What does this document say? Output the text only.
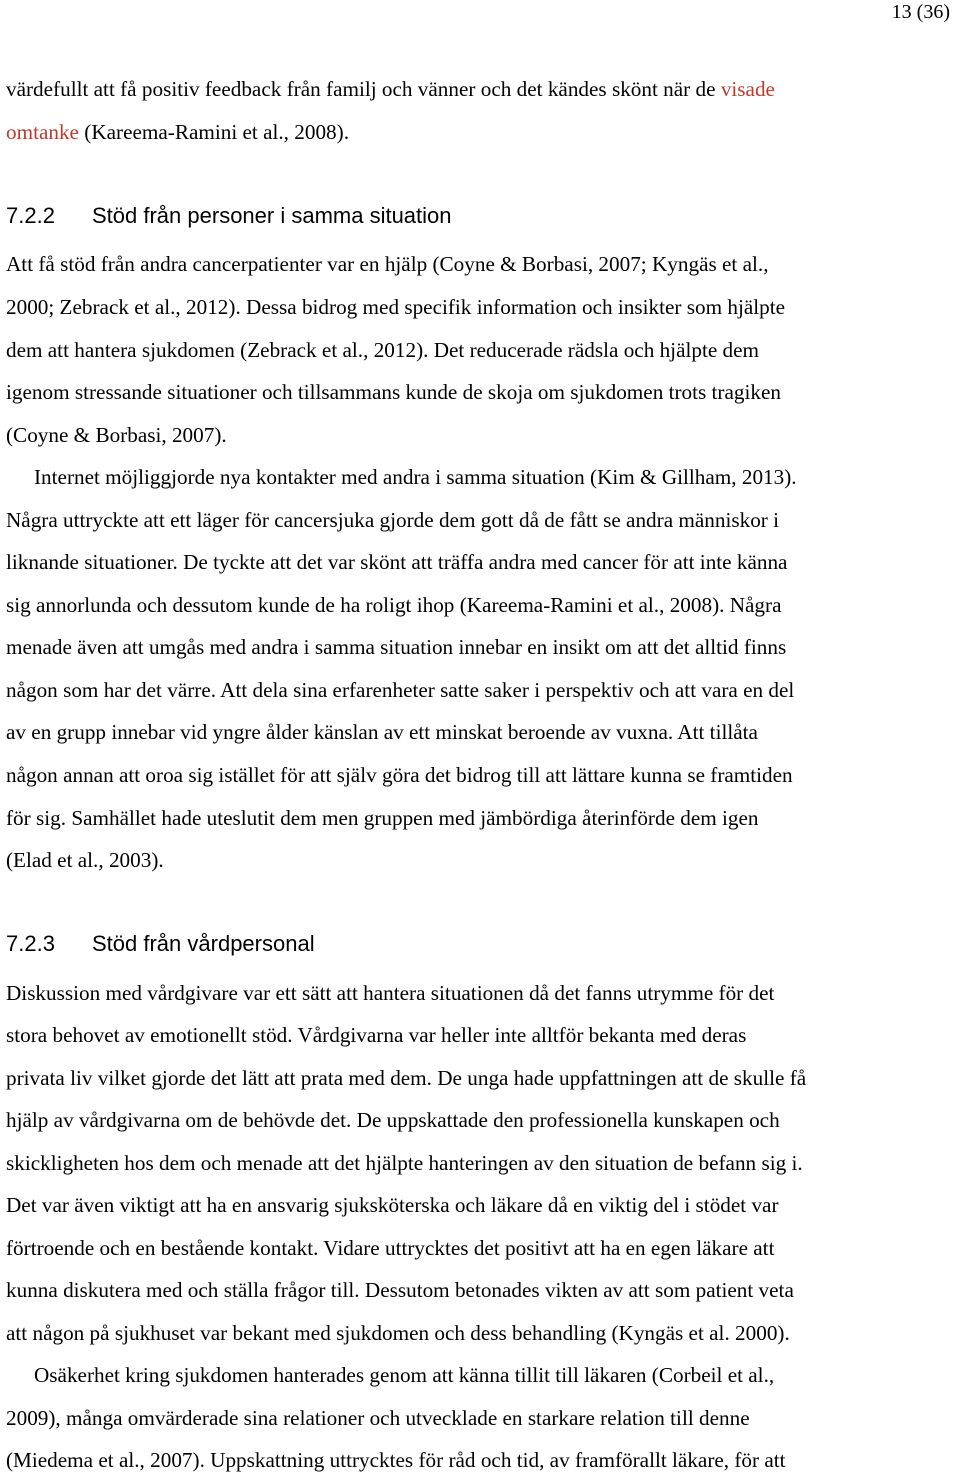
13 (36)
värdefullt att få positiv feedback från familj och vänner och det kändes skönt när de visade
omtanke (Kareema-Ramini et al., 2008).
7.2.2 Stöd från personer i samma situation
Att få stöd från andra cancerpatienter var en hjälp (Coyne & Borbasi, 2007; Kyngäs et al.,
2000; Zebrack et al., 2012). Dessa bidrog med specifik information och insikter som hjälpte
dem att hantera sjukdomen (Zebrack et al., 2012). Det reducerade rädsla och hjälpte dem
igenom stressande situationer och tillsammans kunde de skoja om sjukdomen trots tragiken
(Coyne & Borbasi, 2007).
Internet möjliggjorde nya kontakter med andra i samma situation (Kim & Gillham, 2013).
Några uttryckte att ett läger för cancersjuka gjorde dem gott då de fått se andra människor i
liknande situationer. De tyckte att det var skönt att träffa andra med cancer för att inte känna
sig annorlunda och dessutom kunde de ha roligt ihop (Kareema-Ramini et al., 2008). Några
menade även att umgås med andra i samma situation innebar en insikt om att det alltid finns
någon som har det värre. Att dela sina erfarenheter satte saker i perspektiv och att vara en del
av en grupp innebar vid yngre ålder känslan av ett minskat beroende av vuxna. Att tillåta
någon annan att oroa sig istället för att själv göra det bidrog till att lättare kunna se framtiden
för sig. Samhället hade uteslutit dem men gruppen med jämbördiga återinförde dem igen
(Elad et al., 2003).
7.2.3 Stöd från vårdpersonal
Diskussion med vårdgivare var ett sätt att hantera situationen då det fanns utrymme för det
stora behovet av emotionellt stöd. Vårdgivarna var heller inte alltför bekanta med deras
privata liv vilket gjorde det lätt att prata med dem. De unga hade uppfattningen att de skulle få
hjälp av vårdgivarna om de behövde det. De uppskattade den professionella kunskapen och
skickligheten hos dem och menade att det hjälpte hanteringen av den situation de befann sig i.
Det var även viktigt att ha en ansvarig sjuksköterska och läkare då en viktig del i stödet var
förtroende och en bestående kontakt. Vidare uttrycktes det positivt att ha en egen läkare att
kunna diskutera med och ställa frågor till. Dessutom betonades vikten av att som patient veta
att någon på sjukhuset var bekant med sjukdomen och dess behandling (Kyngäs et al. 2000).
Osäkerhet kring sjukdomen hanterades genom att känna tillit till läkaren (Corbeil et al.,
2009), många omvärderade sina relationer och utvecklade en starkare relation till denne
(Miedema et al., 2007). Uppskattning uttrycktes för råd och tid, av framförallt läkare, för att
